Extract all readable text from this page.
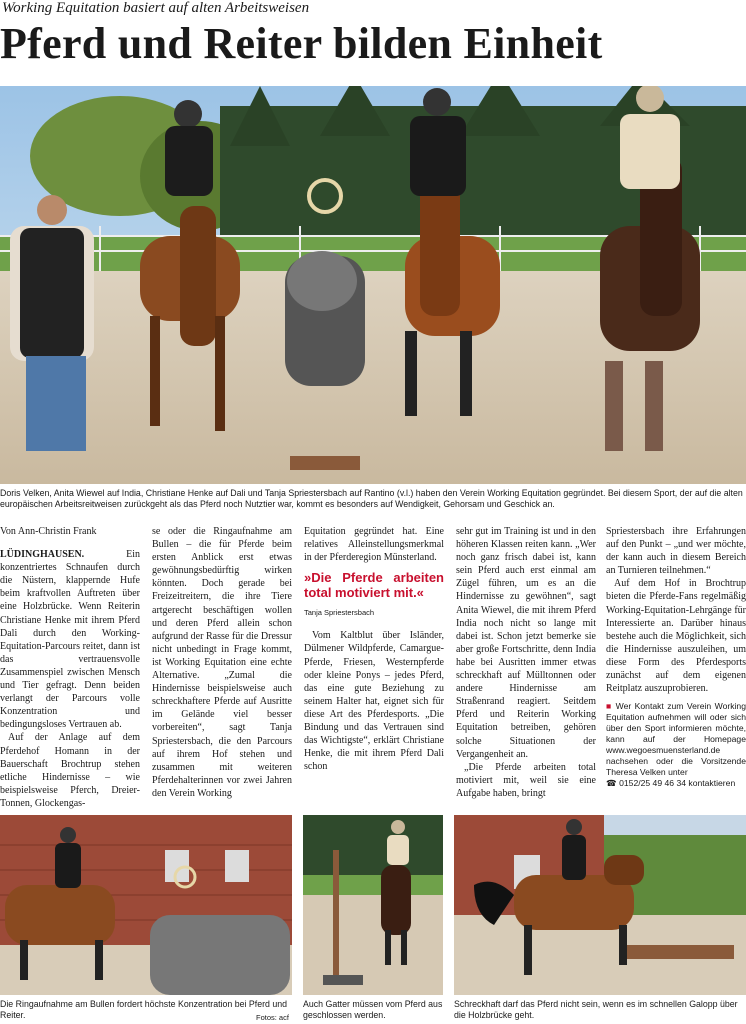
Working Equitation basiert auf alten Arbeitsweisen
Pferd und Reiter bilden Einheit
Doris Velken, Anita Wiewel auf India, Christiane Henke auf Dali und Tanja Spriestersbach auf Rantino (v.l.) haben den Verein Working Equitation gegründet. Bei diesem Sport, der auf die alten europäischen Arbeitsreitweisen zurückgeht als das Pferd noch Nutztier war, kommt es besonders auf Wendigkeit, Gehorsam und Geschick an.
Von Ann-Christin Frank

LÜDINGHAUSEN. Ein konzentriertes Schnaufen durch die Nüstern, klappernde Hufe beim kraftvollen Auftreten über eine Holzbrücke. Wenn Reiterin Christiane Henke mit ihrem Pferd Dali durch den Working-Equitation-Parcours reitet, dann ist das vertrauensvolle Zusammenspiel zwischen Mensch und Tier gefragt. Denn beiden verlangt der Parcours volle Konzentration und bedingungsloses Vertrauen ab.

Auf der Anlage auf dem Pferdehof Homann in der Bauerschaft Brochtrup stehen etliche Hindernisse – wie beispielsweise Pferch, Dreier-Tonnen, Glockengas-

se oder die Ringaufnahme am Bullen – die für Pferde beim ersten Anblick erst etwas gewöhnungsbedürftig wirken könnten. Doch gerade bei Freizeitreitern, die ihre Tiere artgerecht beschäftigen wollen und deren Pferd allein schon aufgrund der Rasse für die Dressur nicht unbedingt in Frage kommt, ist Working Equitation eine echte Alternative. „Zumal die Hindernisse beispielsweise auch schreckhaftere Pferde auf Ausritte im Gelände viel besser vorbereiten“, sagt Tanja Spriestersbach, die den Parcours auf ihrem Hof stehen und zusammen mit weiteren Pferdehalterinnen vor zwei Jahren den Verein Working

Equitation gegründet hat. Eine relatives Alleinstellungsmerkmal in der Pferderegion Münsterland.

»Die Pferde arbeiten total motiviert mit.«
Tanja Spriestersbach

Vom Kaltblut über Isländer, Dülmener Wildpferde, Camargue-Pferde, Friesen, Westernpferde oder kleine Ponys – jedes Pferd, das eine gute Beziehung zu seinem Halter hat, eignet sich für diese Art des Pferdesports. „Die Bindung und das Vertrauen sind das Wichtigste“, erklärt Christiane Henke, die mit ihrem Pferd Dali schon

sehr gut im Training ist und in den höheren Klassen reiten kann. „Wer noch ganz frisch dabei ist, kann sein Pferd auch erst einmal am Zügel führen, um es an die Hindernisse zu gewöhnen“, sagt Anita Wiewel, die mit ihrem Pferd India noch nicht so lange mit dabei ist. Schon jetzt bemerke sie aber große Fortschritte, denn India habe bei Ausritten immer etwas schreckhaft auf Mülltonnen oder andere Hindernisse am Straßenrand reagiert. Seitdem Pferd und Reiterin Working Equitation betreiben, gehören solche Situationen der Vergangenheit an.

„Die Pferde arbeiten total motiviert mit, weil sie eine Aufgabe haben, bringt

Spriestersbach ihre Erfahrungen auf den Punkt – „und wer möchte, der kann auch in diesem Bereich an Turnieren teilnehmen.“

Auf dem Hof in Brochtrup bieten die Pferde-Fans regelmäßig Working-Equitation-Lehrgänge für Interessierte an. Darüber hinaus bestehe auch die Möglichkeit, sich die Hindernisse auszuleihen, um diese Form des Pferdesports zunächst auf dem eigenen Reitplatz auszuprobieren.

■ Wer Kontakt zum Verein Working Equitation aufnehmen will oder sich über den Sport informieren möchte, kann auf der Homepage www.wegoesmuensterland.de nachsehen oder die Vorsitzende Theresa Velken unter
☎ 0152/25 49 46 34 kontaktieren
Die Ringaufnahme am Bullen fordert höchste Konzentration bei Pferd und Reiter.	Fotos: acf
Auch Gatter müssen vom Pferd aus geschlossen werden.
Schreckhaft darf das Pferd nicht sein, wenn es im schnellen Galopp über die Holzbrücke geht.
